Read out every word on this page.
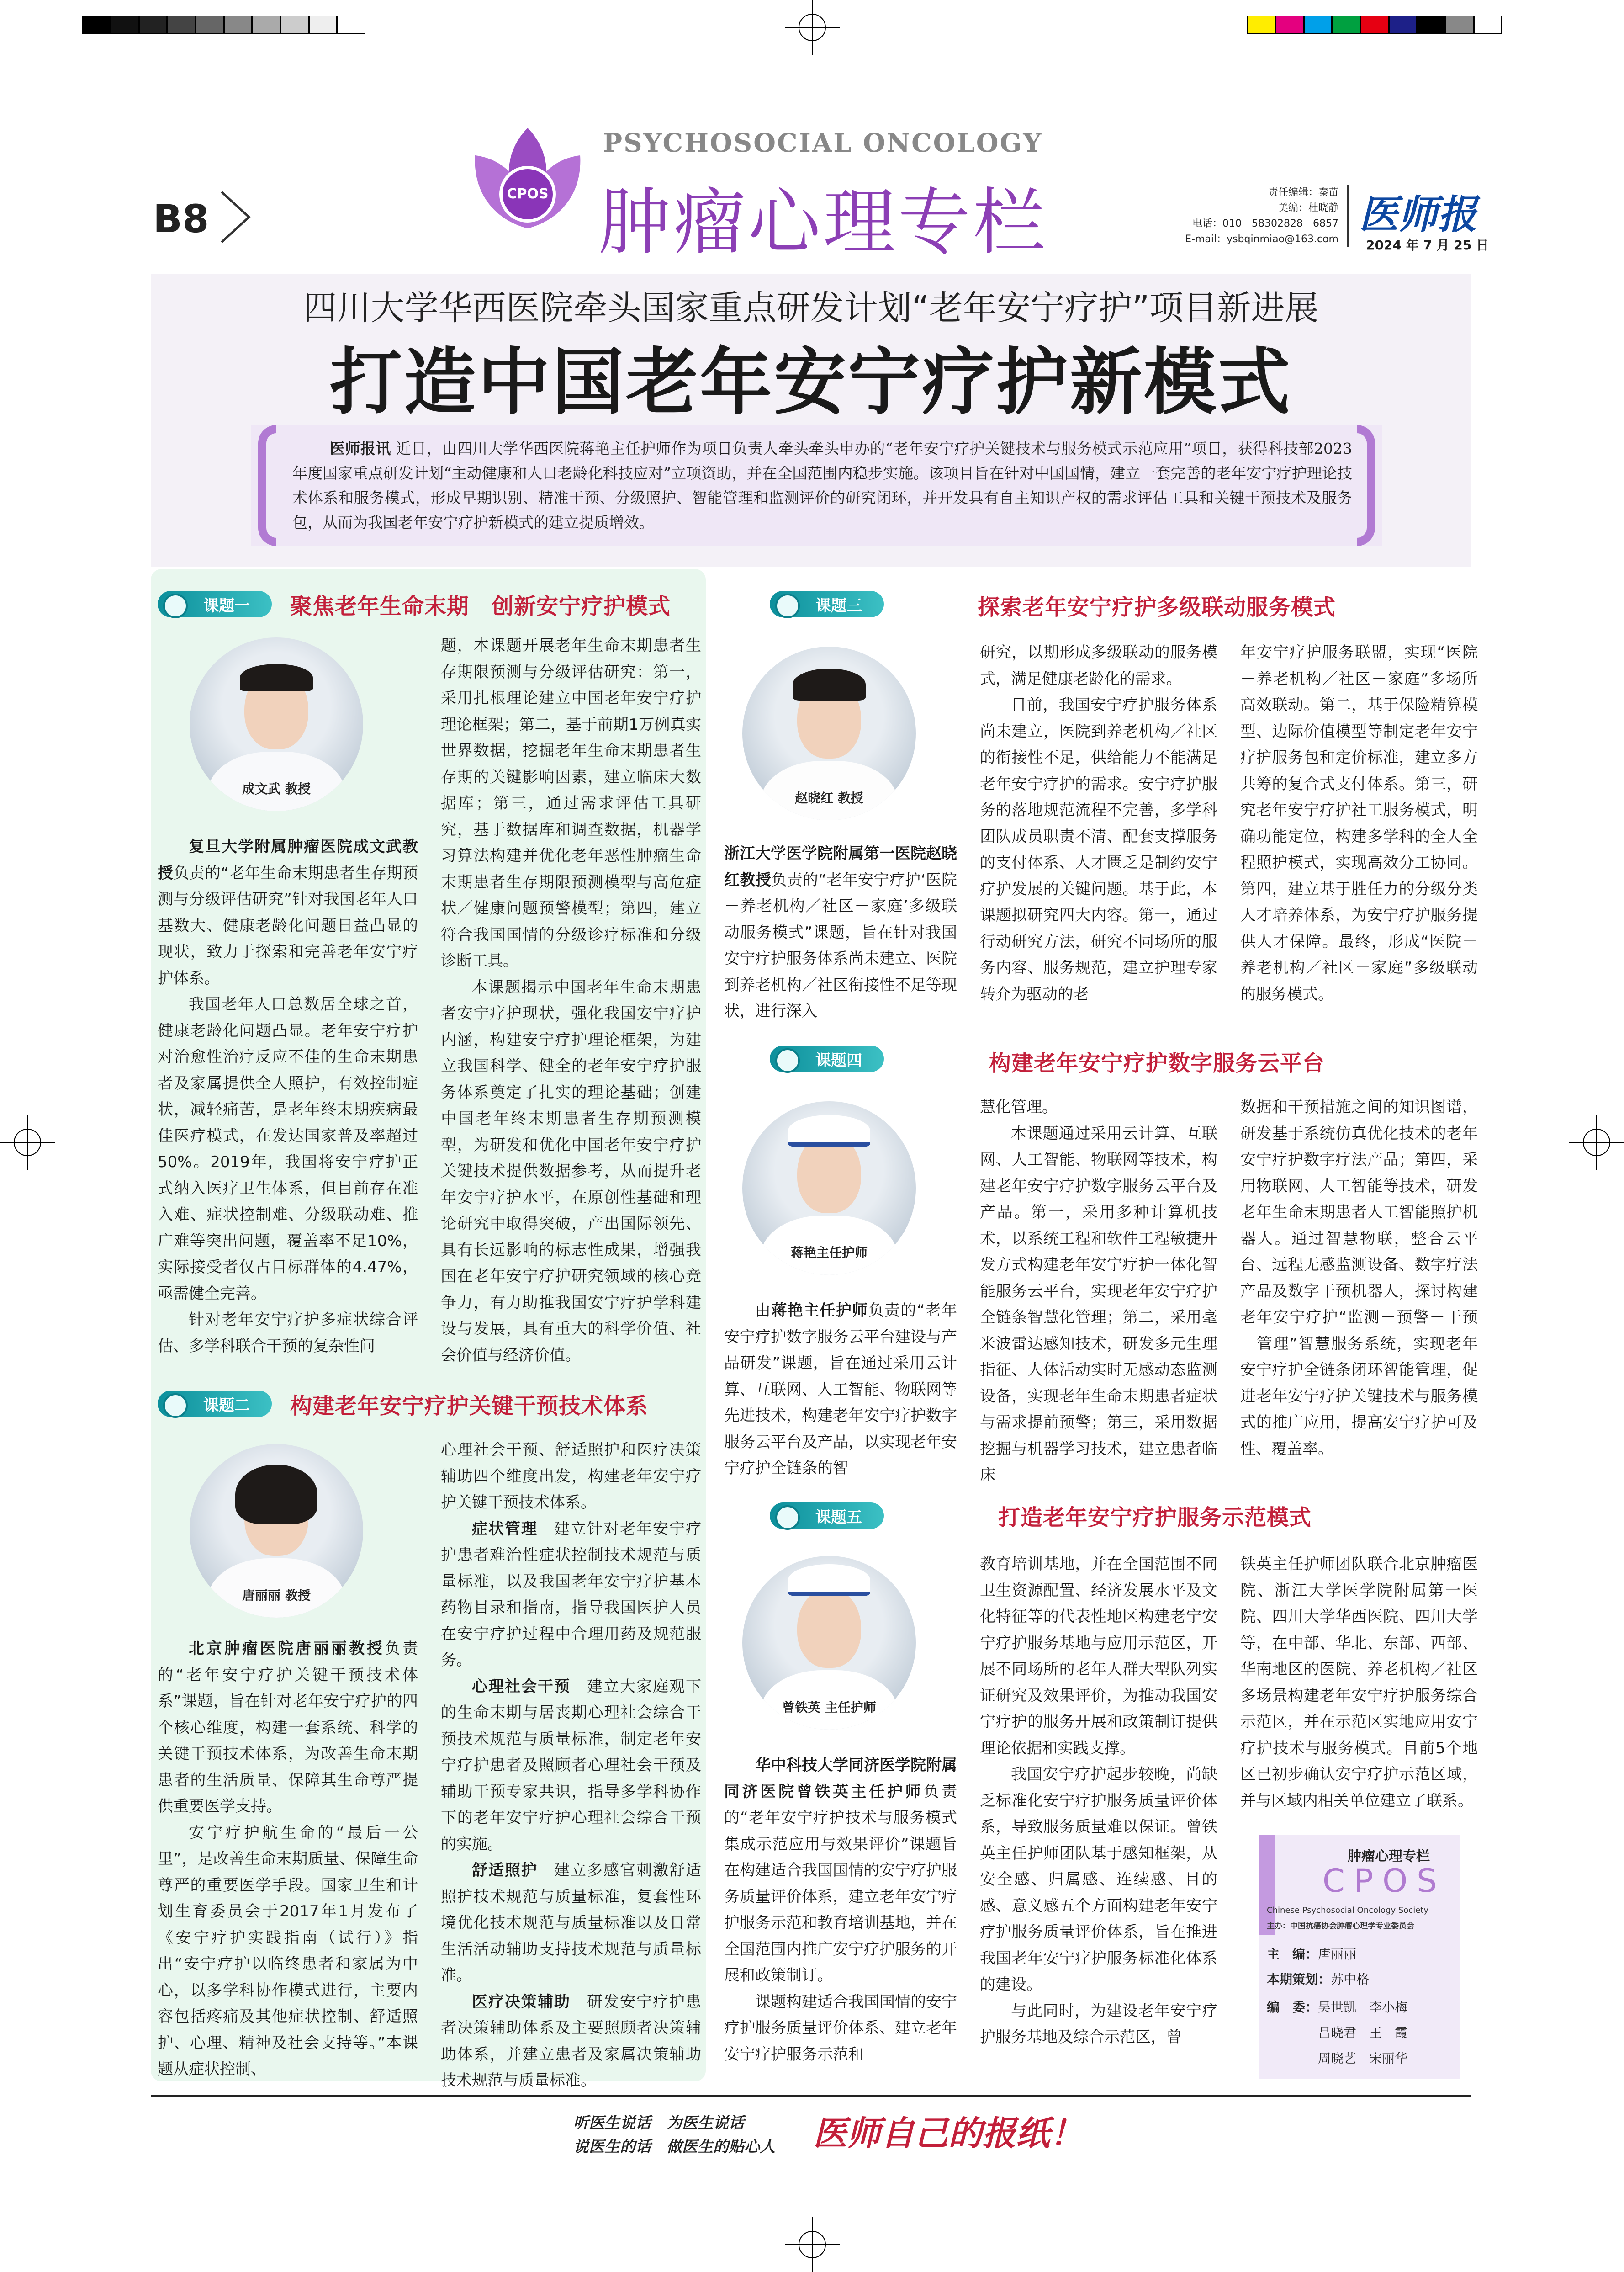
B8
CPOS
PSYCHOSOCIAL ONCOLOGY
肿瘤心理专栏	责任编辑：秦苗
美编：杜晓静
电话：010－58302828－6857
E-mail：ysbqinmiao@163.com
医师报
2024 年 7 月 25 日
四川大学华西医院牵头国家重点研发计划“老年安宁疗护”项目新进展
打造中国老年安宁疗护新模式
医师报讯 近日，由四川大学华西医院蒋艳主任护师作为项目负责人牵头牵头申办的“老年安宁疗护关键技术与服务模式示范应用”项目，获得科技部2023年度国家重点研发计划“主动健康和人口老龄化科技应对”立项资助，并在全国范围内稳步实施。该项目旨在针对中国国情，建立一套完善的老年安宁疗护理论技术体系和服务模式，形成早期识别、精准干预、分级照护、智能管理和监测评价的研究闭环，并开发具有自主知识产权的需求评估工具和关键干预技术及服务包，从而为我国老年安宁疗护新模式的建立提质增效。
课题一	聚焦老年生命末期　创新安宁疗护模式
成文武 教授

复旦大学附属肿瘤医院成文武教授负责的“老年生命末期患者生存期预测与分级评估研究”针对我国老年人口基数大、健康老龄化问题日益凸显的现状，致力于探索和完善老年安宁疗护体系。

我国老年人口总数居全球之首，健康老龄化问题凸显。老年安宁疗护对治愈性治疗反应不佳的生命末期患者及家属提供全人照护，有效控制症状，减轻痛苦，是老年终末期疾病最佳医疗模式，在发达国家普及率超过50%。2019年，我国将安宁疗护正式纳入医疗卫生体系，但目前存在准入难、症状控制难、分级联动难、推广难等突出问题，覆盖率不足10%，实际接受者仅占目标群体的4.47%，亟需健全完善。

针对老年安宁疗护多症状综合评估、多学科联合干预的复杂性问

题，本课题开展老年生命末期患者生存期限预测与分级评估研究：第一，采用扎根理论建立中国老年安宁疗护理论框架；第二，基于前期1万例真实世界数据，挖掘老年生命末期患者生存期的关键影响因素，建立临床大数据库；第三，通过需求评估工具研究，基于数据库和调查数据，机器学习算法构建并优化老年恶性肿瘤生命末期患者生存期限预测模型与高危症状／健康问题预警模型；第四，建立符合我国国情的分级诊疗标准和分级诊断工具。

本课题揭示中国老年生命末期患者安宁疗护现状，强化我国安宁疗护内涵，构建安宁疗护理论框架，为建立我国科学、健全的老年安宁疗护服务体系奠定了扎实的理论基础；创建中国老年终末期患者生存期预测模型，为研发和优化中国老年安宁疗护关键技术提供数据参考，从而提升老年安宁疗护水平，在原创性基础和理论研究中取得突破，产出国际领先、具有长远影响的标志性成果，增强我国在老年安宁疗护研究领域的核心竞争力，有力助推我国安宁疗护学科建设与发展，具有重大的科学价值、社会价值与经济价值。

课题二	构建老年安宁疗护关键干预技术体系
唐丽丽 教授

北京肿瘤医院唐丽丽教授负责的“老年安宁疗护关键干预技术体系”课题，旨在针对老年安宁疗护的四个核心维度，构建一套系统、科学的关键干预技术体系，为改善生命末期患者的生活质量、保障其生命尊严提供重要医学支持。

安宁疗护航生命的“最后一公里”，是改善生命末期质量、保障生命尊严的重要医学手段。国家卫生和计划生育委员会于2017年1月发布了《安宁疗护实践指南（试行）》指出“安宁疗护以临终患者和家属为中心，以多学科协作模式进行，主要内容包括疼痛及其他症状控制、舒适照护、心理、精神及社会支持等。”本课题从症状控制、

心理社会干预、舒适照护和医疗决策辅助四个维度出发，构建老年安宁疗护关键干预技术体系。

症状管理　建立针对老年安宁疗护患者难治性症状控制技术规范与质量标准，以及我国老年安宁疗护基本药物目录和指南，指导我国医护人员在安宁疗护过程中合理用药及规范服务。

心理社会干预　建立大家庭观下的生命末期与居丧期心理社会综合干预技术规范与质量标准，制定老年安宁疗护患者及照顾者心理社会干预及辅助干预专家共识，指导多学科协作下的老年安宁疗护心理社会综合干预的实施。

舒适照护　建立多感官刺激舒适照护技术规范与质量标准，复套性环境优化技术规范与质量标准以及日常生活活动辅助支持技术规范与质量标准。

医疗决策辅助　研发安宁疗护患者决策辅助体系及主要照顾者决策辅助体系，并建立患者及家属决策辅助技术规范与质量标准。

课题三	探索老年安宁疗护多级联动服务模式
赵晓红 教授

浙江大学医学院附属第一医院赵晓红教授负责的“老年安宁疗护‘医院－养老机构／社区－家庭’多级联动服务模式”课题，旨在针对我国安宁疗护服务体系尚未建立、医院到养老机构／社区衔接性不足等现状，进行深入

研究，以期形成多级联动的服务模式，满足健康老龄化的需求。

目前，我国安宁疗护服务体系尚未建立，医院到养老机构／社区的衔接性不足，供给能力不能满足老年安宁疗护的需求。安宁疗护服务的落地规范流程不完善，多学科团队成员职责不清、配套支撑服务的支付体系、人才匮乏是制约安宁疗护发展的关键问题。基于此，本课题拟研究四大内容。第一，通过行动研究方法，研究不同场所的服务内容、服务规范，建立护理专家转介为驱动的老

年安宁疗护服务联盟，实现“医院－养老机构／社区－家庭”多场所高效联动。第二，基于保险精算模型、边际价值模型等制定老年安宁疗护服务包和定价标准，建立多方共筹的复合式支付体系。第三，研究老年安宁疗护社工服务模式，明确功能定位，构建多学科的全人全程照护模式，实现高效分工协同。第四，建立基于胜任力的分级分类人才培养体系，为安宁疗护服务提供人才保障。最终，形成“医院－养老机构／社区－家庭”多级联动的服务模式。

课题四	构建老年安宁疗护数字服务云平台
蒋艳主任护师

由蒋艳主任护师负责的“老年安宁疗护数字服务云平台建设与产品研发”课题，旨在通过采用云计算、互联网、人工智能、物联网等先进技术，构建老年安宁疗护数字服务云平台及产品，以实现老年安宁疗护全链条的智

慧化管理。

本课题通过采用云计算、互联网、人工智能、物联网等技术，构建老年安宁疗护数字服务云平台及产品。第一，采用多种计算机技术，以系统工程和软件工程敏捷开发方式构建老年安宁疗护一体化智能服务云平台，实现老年安宁疗护全链条智慧化管理；第二，采用毫米波雷达感知技术，研发多元生理指征、人体活动实时无感动态监测设备，实现老年生命末期患者症状与需求提前预警；第三，采用数据挖掘与机器学习技术，建立患者临床

数据和干预措施之间的知识图谱，研发基于系统仿真优化技术的老年安宁疗护数字疗法产品；第四，采用物联网、人工智能等技术，研发老年生命末期患者人工智能照护机器人。通过智慧物联，整合云平台、远程无感监测设备、数字疗法产品及数字干预机器人，探讨构建老年安宁疗护“监测－预警－干预－管理”智慧服务系统，实现老年安宁疗护全链条闭环智能管理，促进老年安宁疗护关键技术与服务模式的推广应用，提高安宁疗护可及性、覆盖率。

课题五	打造老年安宁疗护服务示范模式
曾铁英 主任护师

华中科技大学同济医学院附属同济医院曾铁英主任护师负责的“老年安宁疗护技术与服务模式集成示范应用与效果评价”课题旨在构建适合我国国情的安宁疗护服务质量评价体系，建立老年安宁疗护服务示范和教育培训基地，并在全国范围内推广安宁疗护服务的开展和政策制订。

课题构建适合我国国情的安宁疗护服务质量评价体系、建立老年安宁疗护服务示范和

教育培训基地，并在全国范围不同卫生资源配置、经济发展水平及文化特征等的代表性地区构建老宁安宁疗护服务基地与应用示范区，开展不同场所的老年人群大型队列实证研究及效果评价，为推动我国安宁疗护的服务开展和政策制订提供理论依据和实践支撑。

我国安宁疗护起步较晚，尚缺乏标准化安宁疗护服务质量评价体系，导致服务质量难以保证。曾铁英主任护师团队基于感知框架，从安全感、归属感、连续感、目的感、意义感五个方面构建老年安宁疗护服务质量评价体系，旨在推进我国老年安宁疗护服务标准化体系的建设。

与此同时，为建设老年安宁疗护服务基地及综合示范区，曾

铁英主任护师团队联合北京肿瘤医院、浙江大学医学院附属第一医院、四川大学华西医院、四川大学等，在中部、华北、东部、西部、华南地区的医院、养老机构／社区多场景构建老年安宁疗护服务综合示范区，并在示范区实地应用安宁疗护技术与服务模式。目前5个地区已初步确认安宁疗护示范区域，并与区域内相关单位建立了联系。

肿瘤心理专栏
CPOS
Chinese Psychosocial Oncology Society
主办：中国抗癌协会肿瘤心理学专业委员会
主　编：唐丽丽
本期策划：苏中格
编　委：吴世凯　 李小梅
吕晓君　 王　霞
周晓艺　 宋丽华
听医生说话　为医生说话
说医生的话　做医生的贴心人 医师自己的报纸！
